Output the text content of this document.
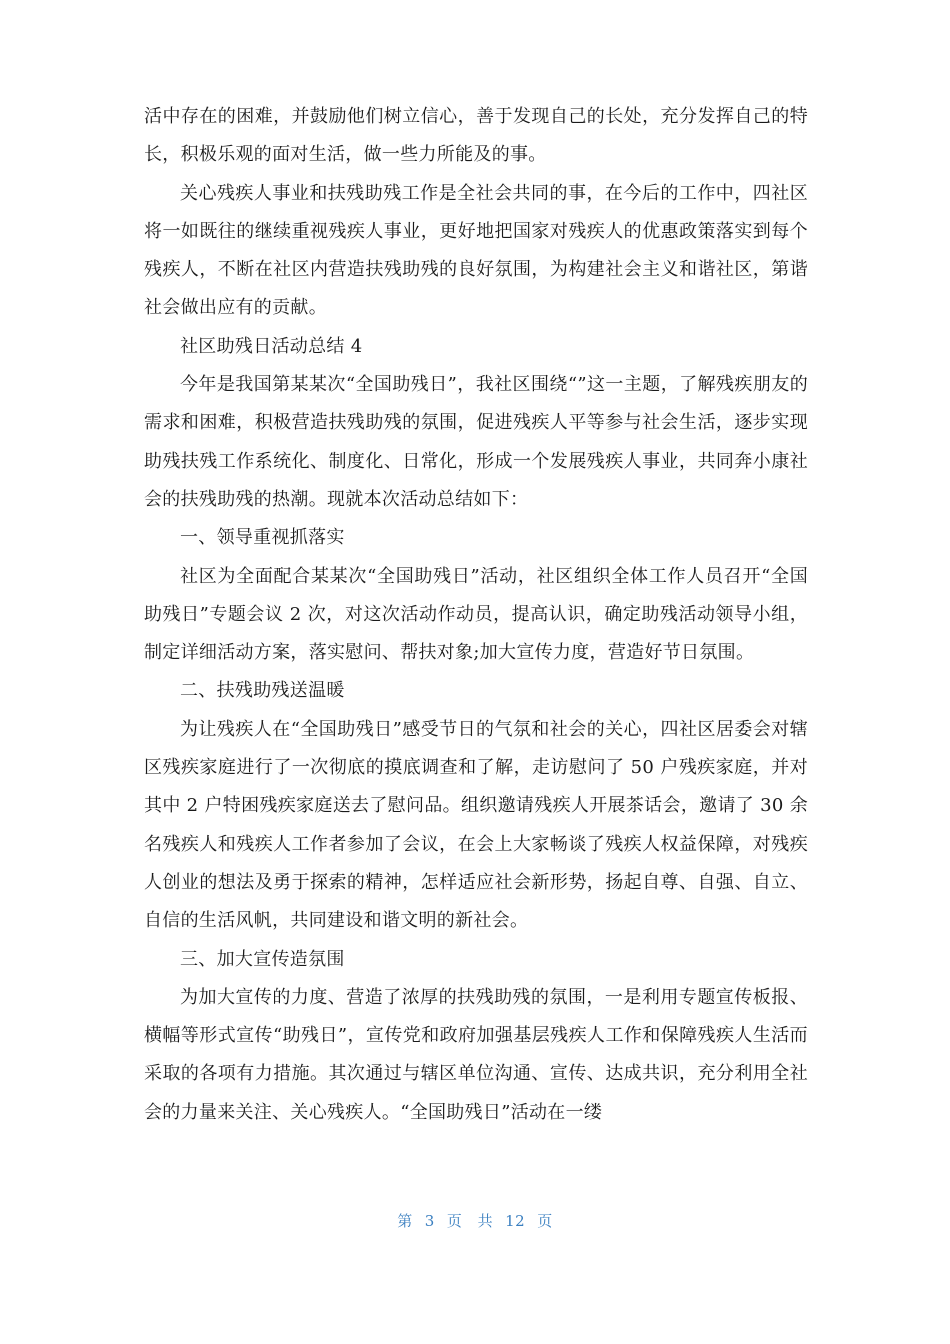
活中存在的困难，并鼓励他们树立信心，善于发现自己的长处，充分发挥自己的特长，积极乐观的面对生活，做一些力所能及的事。

关心残疾人事业和扶残助残工作是全社会共同的事，在今后的工作中，四社区将一如既往的继续重视残疾人事业，更好地把国家对残疾人的优惠政策落实到每个残疾人，不断在社区内营造扶残助残的良好氛围，为构建社会主义和谐社区，第谐社会做出应有的贡献。

社区助残日活动总结 4

今年是我国第某某次“全国助残日”，我社区围绕“”这一主题，了解残疾朋友的需求和困难，积极营造扶残助残的氛围，促进残疾人平等参与社会生活，逐步实现助残扶残工作系统化、制度化、日常化，形成一个发展残疾人事业，共同奔小康社会的扶残助残的热潮。现就本次活动总结如下：

一、领导重视抓落实

社区为全面配合某某次“全国助残日”活动，社区组织全体工作人员召开“全国助残日”专题会议 2 次，对这次活动作动员，提高认识，确定助残活动领导小组，制定详细活动方案，落实慰问、帮扶对象;加大宣传力度，营造好节日氛围。

二、扶残助残送温暖

为让残疾人在“全国助残日”感受节日的气氛和社会的关心，四社区居委会对辖区残疾家庭进行了一次彻底的摸底调查和了解，走访慰问了 50 户残疾家庭，并对其中 2 户特困残疾家庭送去了慰问品。组织邀请残疾人开展茶话会，邀请了 30 余名残疾人和残疾人工作者参加了会议，在会上大家畅谈了残疾人权益保障，对残疾人创业的想法及勇于探索的精神，怎样适应社会新形势，扬起自尊、自强、自立、自信的生活风帆，共同建设和谐文明的新社会。

三、加大宣传造氛围

为加大宣传的力度、营造了浓厚的扶残助残的氛围，一是利用专题宣传板报、横幅等形式宣传“助残日”，宣传党和政府加强基层残疾人工作和保障残疾人生活而采取的各项有力措施。其次通过与辖区单位沟通、宣传、达成共识，充分利用全社会的力量来关注、关心残疾人。“全国助残日”活动在一缕

第 3 页 共 12 页
